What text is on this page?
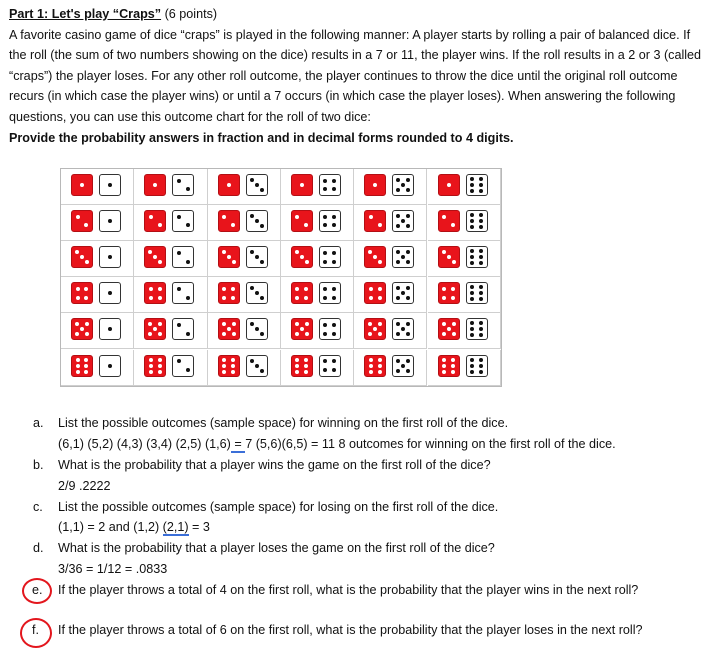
Part 1: Let's play “Craps” (6 points)

A favorite casino game of dice “craps” is played in the following manner: A player starts by rolling a pair of balanced dice. If the roll (the sum of two numbers showing on the dice) results in a 7 or 11, the player wins. If the roll results in a 2 or 3 (called “craps”) the player loses. For any other roll outcome, the player continues to throw the dice until the original roll outcome recurs (in which case the player wins) or until a 7 occurs (in which case the player loses). When answering the following questions, you can use this outcome chart for the roll of two dice:

Provide the probability answers in fraction and in decimal forms rounded to 4 digits.

a. List the possible outcomes (sample space) for winning on the first roll of the dice.
(6,1) (5,2) (4,3) (3,4) (2,5) (1,6) = 7 (5,6)(6,5) = 11 8 outcomes for winning on the first roll of the dice.
b. What is the probability that a player wins the game on the first roll of the dice?
2/9 .2222
c. List the possible outcomes (sample space) for losing on the first roll of the dice.
(1,1) = 2 and (1,2) (2,1) = 3
d. What is the probability that a player loses the game on the first roll of the dice?
3/36 = 1/12 = .0833
e. If the player throws a total of 4 on the first roll, what is the probability that the player wins in the next roll?
f. If the player throws a total of 6 on the first roll, what is the probability that the player loses in the next roll?
